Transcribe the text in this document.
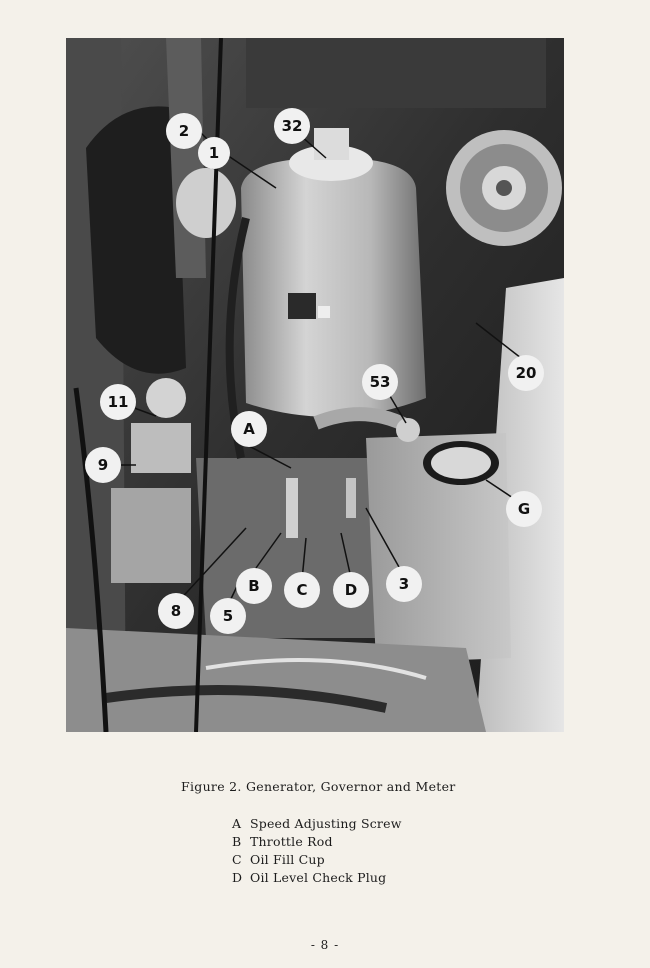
2	32
1
20
53
11
A
9
G
B C D	3
8	5
Figure 2. Generator, Governor and Meter
A Speed Adjusting Screw
B Throttle Rod
C Oil Fill Cup
D Oil Level Check Plug
- 8 -
